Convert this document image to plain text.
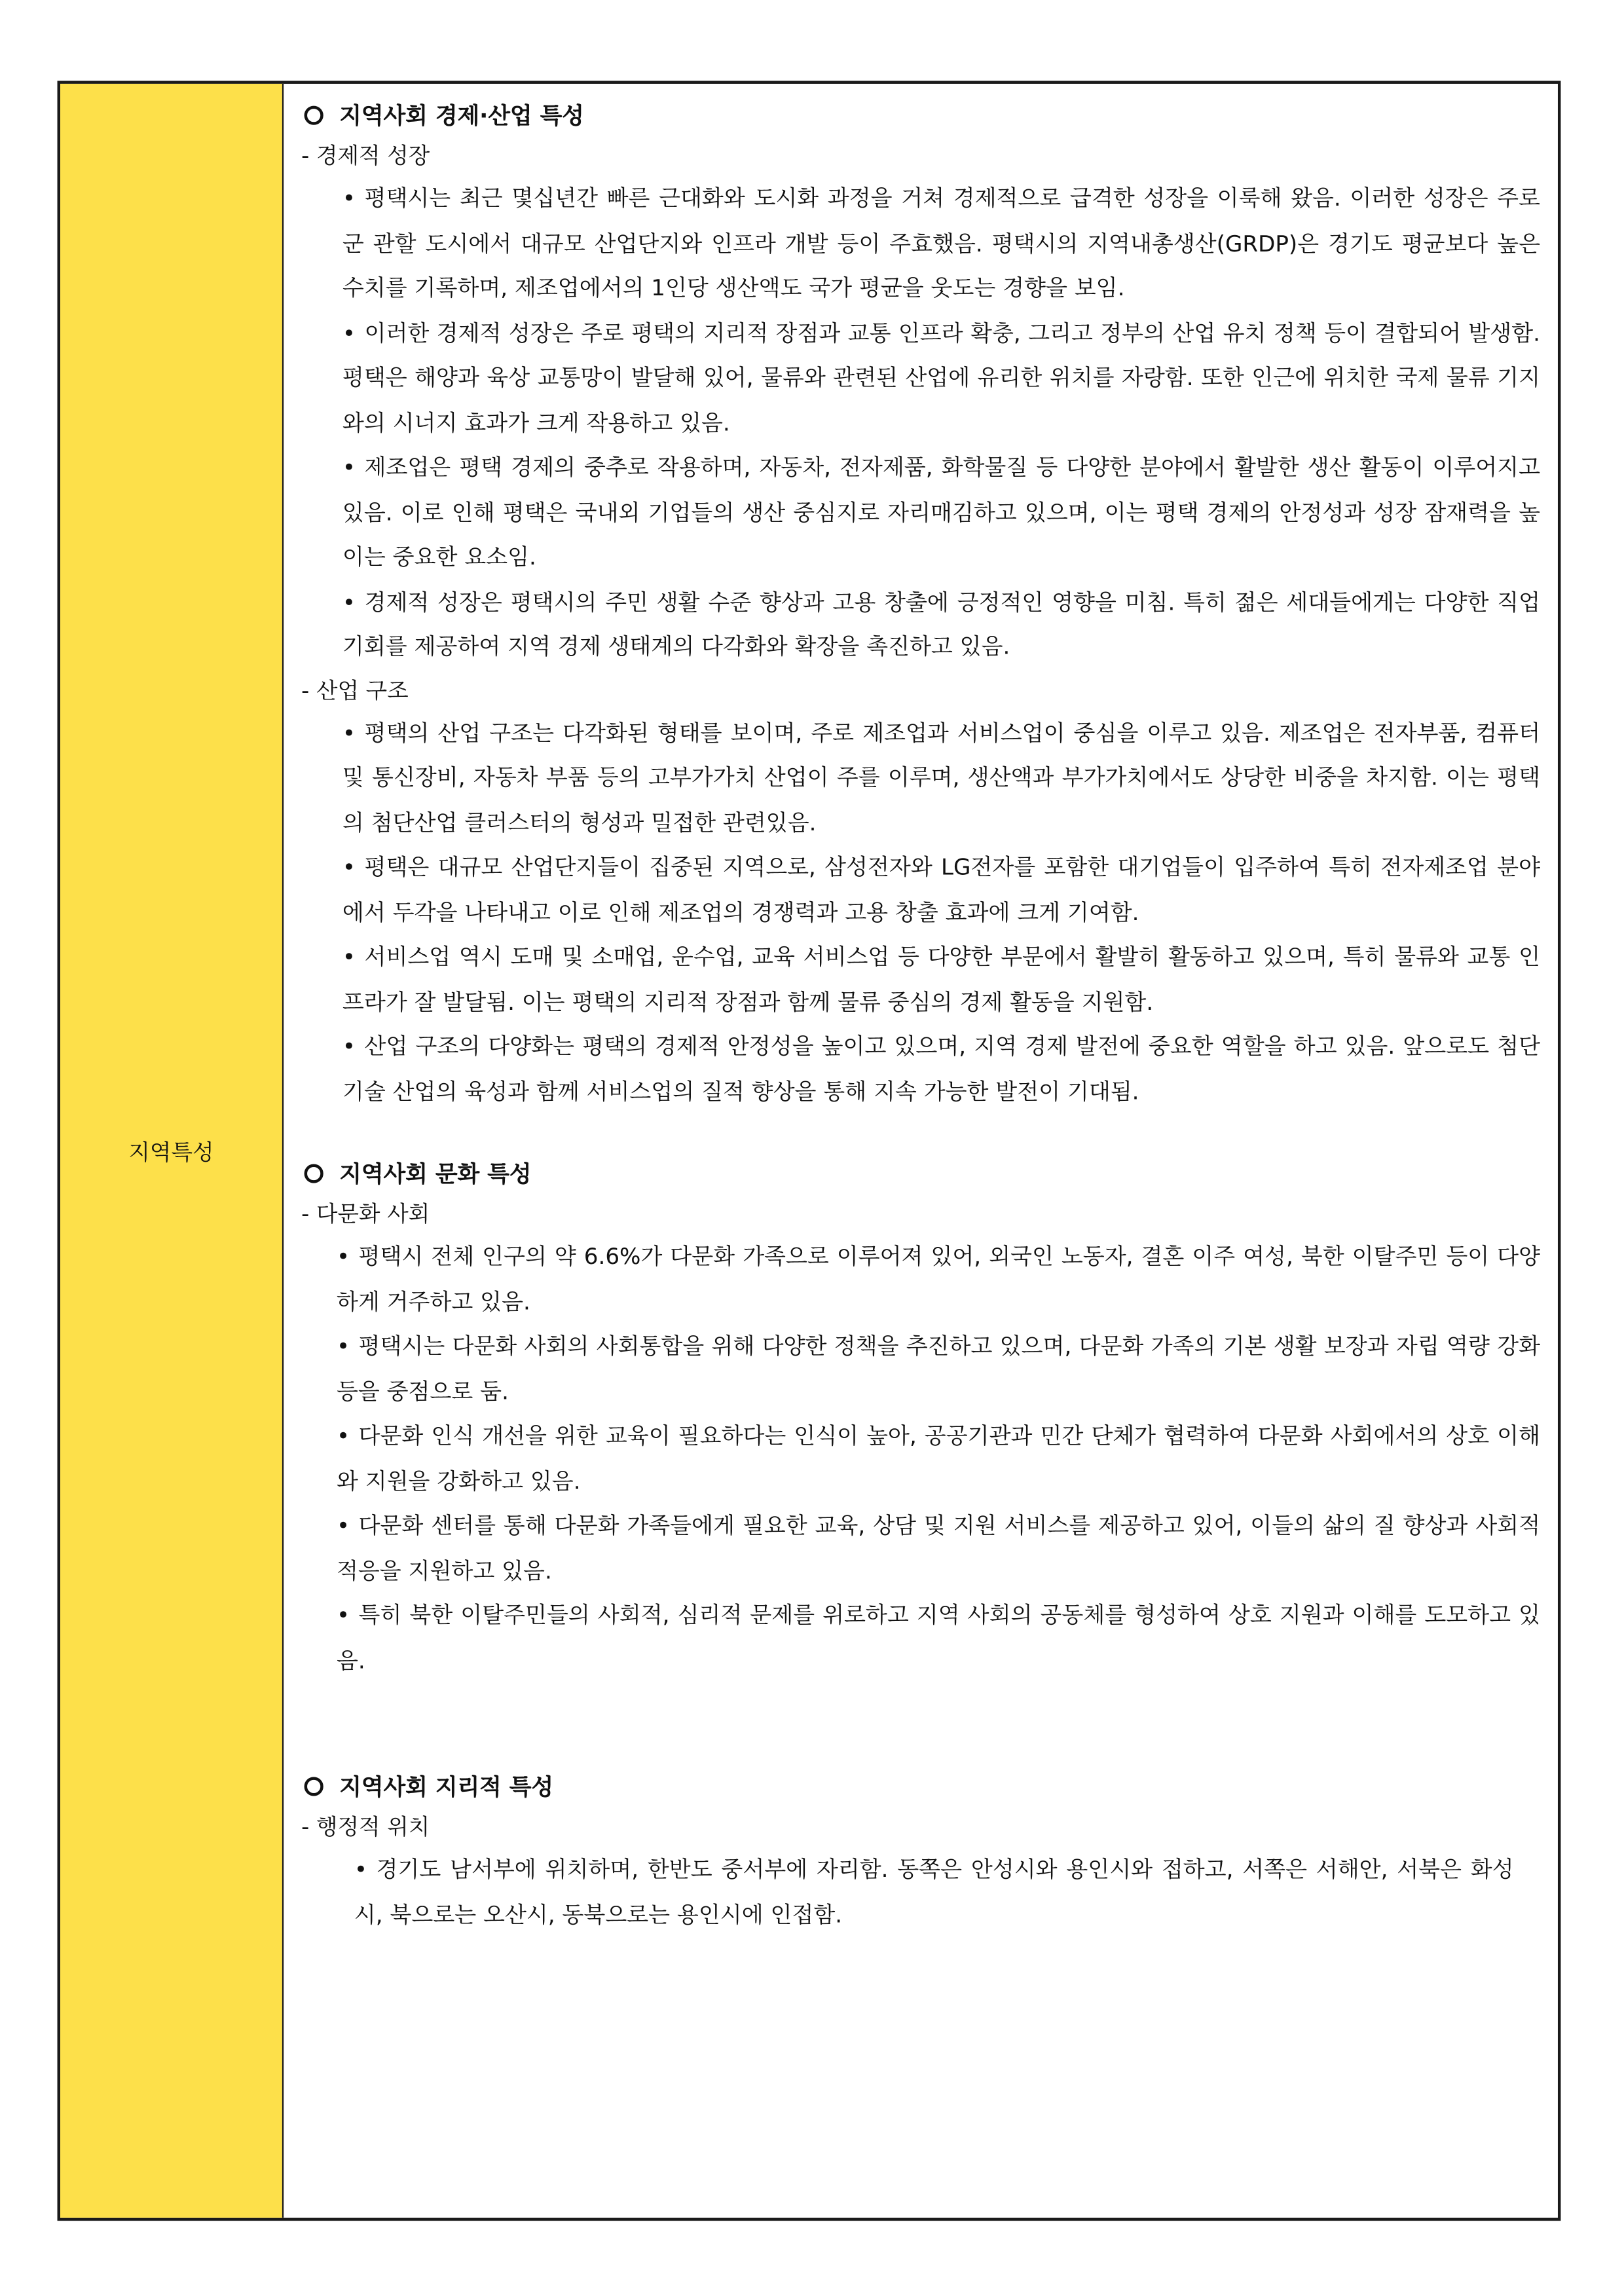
지역특성
지역사회 경제·산업 특성
- 경제적 성장
• 평택시는 최근 몇십년간 빠른 근대화와 도시화 과정을 거쳐 경제적으로 급격한 성장을 이룩해 왔음. 이러한 성장은 주로 군 관할 도시에서 대규모 산업단지와 인프라 개발 등이 주효했음. 평택시의 지역내총생산(GRDP)은 경기도 평균보다 높은 수치를 기록하며, 제조업에서의 1인당 생산액도 국가 평균을 웃도는 경향을 보임.
• 이러한 경제적 성장은 주로 평택의 지리적 장점과 교통 인프라 확충, 그리고 정부의 산업 유치 정책 등이 결합되어 발생함. 평택은 해양과 육상 교통망이 발달해 있어, 물류와 관련된 산업에 유리한 위치를 자랑함. 또한 인근에 위치한 국제 물류 기지와의 시너지 효과가 크게 작용하고 있음.
• 제조업은 평택 경제의 중추로 작용하며, 자동차, 전자제품, 화학물질 등 다양한 분야에서 활발한 생산 활동이 이루어지고 있음. 이로 인해 평택은 국내외 기업들의 생산 중심지로 자리매김하고 있으며, 이는 평택 경제의 안정성과 성장 잠재력을 높이는 중요한 요소임.
• 경제적 성장은 평택시의 주민 생활 수준 향상과 고용 창출에 긍정적인 영향을 미침. 특히 젊은 세대들에게는 다양한 직업 기회를 제공하여 지역 경제 생태계의 다각화와 확장을 촉진하고 있음.
- 산업 구조
• 평택의 산업 구조는 다각화된 형태를 보이며, 주로 제조업과 서비스업이 중심을 이루고 있음. 제조업은 전자부품, 컴퓨터 및 통신장비, 자동차 부품 등의 고부가가치 산업이 주를 이루며, 생산액과 부가가치에서도 상당한 비중을 차지함. 이는 평택의 첨단산업 클러스터의 형성과 밀접한 관련있음.
• 평택은 대규모 산업단지들이 집중된 지역으로, 삼성전자와 LG전자를 포함한 대기업들이 입주하여 특히 전자제조업 분야에서 두각을 나타내고 이로 인해 제조업의 경쟁력과 고용 창출 효과에 크게 기여함.
• 서비스업 역시 도매 및 소매업, 운수업, 교육 서비스업 등 다양한 부문에서 활발히 활동하고 있으며, 특히 물류와 교통 인프라가 잘 발달됨. 이는 평택의 지리적 장점과 함께 물류 중심의 경제 활동을 지원함.
• 산업 구조의 다양화는 평택의 경제적 안정성을 높이고 있으며, 지역 경제 발전에 중요한 역할을 하고 있음. 앞으로도 첨단 기술 산업의 육성과 함께 서비스업의 질적 향상을 통해 지속 가능한 발전이 기대됨.
지역사회 문화 특성
- 다문화 사회
• 평택시 전체 인구의 약 6.6%가 다문화 가족으로 이루어져 있어, 외국인 노동자, 결혼 이주 여성, 북한 이탈주민 등이 다양하게 거주하고 있음.
• 평택시는 다문화 사회의 사회통합을 위해 다양한 정책을 추진하고 있으며, 다문화 가족의 기본 생활 보장과 자립 역량 강화 등을 중점으로 둠.
• 다문화 인식 개선을 위한 교육이 필요하다는 인식이 높아, 공공기관과 민간 단체가 협력하여 다문화 사회에서의 상호 이해와 지원을 강화하고 있음.
• 다문화 센터를 통해 다문화 가족들에게 필요한 교육, 상담 및 지원 서비스를 제공하고 있어, 이들의 삶의 질 향상과 사회적 적응을 지원하고 있음.
• 특히 북한 이탈주민들의 사회적, 심리적 문제를 위로하고 지역 사회의 공동체를 형성하여 상호 지원과 이해를 도모하고 있음.
지역사회 지리적 특성
- 행정적 위치
• 경기도 남서부에 위치하며, 한반도 중서부에 자리함. 동쪽은 안성시와 용인시와 접하고, 서쪽은 서해안, 서북은 화성시, 북으로는 오산시, 동북으로는 용인시에 인접함.
